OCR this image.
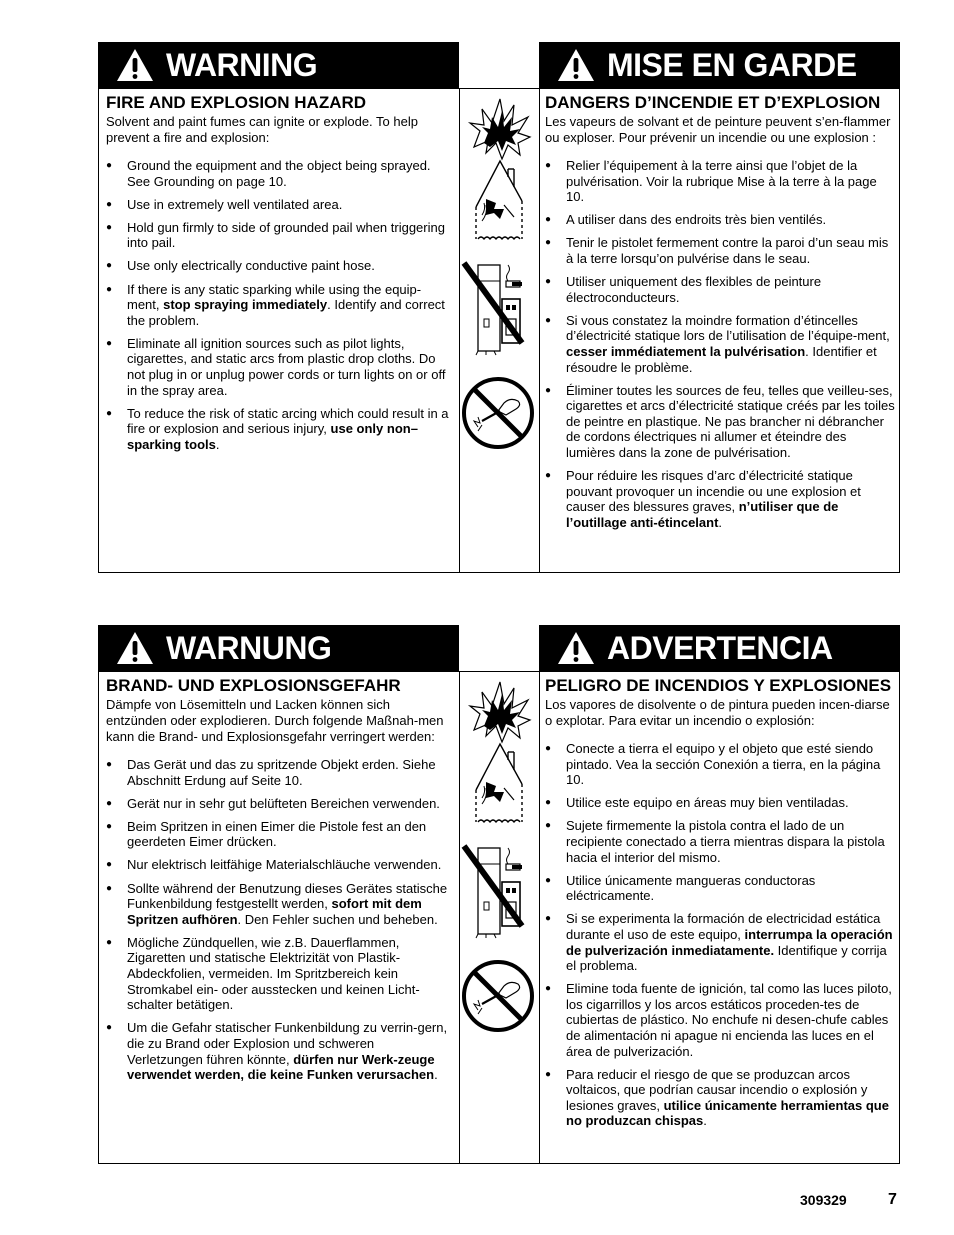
WARNING	MISE EN GARDE

FIRE AND EXPLOSION HAZARD

Solvent and paint fumes can ignite or explode. To help prevent a fire and explosion:

● Ground the equipment and the object being sprayed. See Grounding on page 10.
● Use in extremely well ventilated area.
● Hold gun firmly to side of grounded pail when triggering into pail.
● Use only electrically conductive paint hose.
● If there is any static sparking while using the equip-ment, stop spraying immediately. Identify and correct the problem.
● Eliminate all ignition sources such as pilot lights, cigarettes, and static arcs from plastic drop cloths. Do not plug in or unplug power cords or turn lights on or off in the spray area.
● To reduce the risk of static arcing which could result in a fire or explosion and serious injury, use only non–sparking tools.

DANGERS D’INCENDIE ET D’EXPLOSION

Les vapeurs de solvant et de peinture peuvent s’en-flammer ou exploser. Pour prévenir un incendie ou une explosion :

● Relier l’équipement à la terre ainsi que l’objet de la pulvérisation. Voir la rubrique Mise à la terre à la page 10.
● A utiliser dans des endroits très bien ventilés.
● Tenir le pistolet fermement contre la paroi d’un seau mis à la terre lorsqu’on pulvérise dans le seau.
● Utiliser uniquement des flexibles de peinture électroconducteurs.
● Si vous constatez la moindre formation d’étincelles d’électricité statique lors de l’utilisation de l’équipe-ment, cesser immédiatement la pulvérisation. Identifier et résoudre le problème.
● Éliminer toutes les sources de feu, telles que veilleu-ses, cigarettes et arcs d’électricité statique créés par les toiles de peintre en plastique. Ne pas brancher ni débrancher de cordons électriques ni allumer et éteindre des lumières dans la zone de pulvérisation.
● Pour réduire les risques d’arc d’électricité statique pouvant provoquer un incendie ou une explosion et causer des blessures graves, n’utiliser que de l’outillage anti-étincelant.
WARNUNG	ADVERTENCIA

BRAND- UND EXPLOSIONSGEFAHR

Dämpfe von Lösemitteln und Lacken können sich entzünden oder explodieren. Durch folgende Maßnah-men kann die Brand- und Explosionsgefahr verringert werden:

● Das Gerät und das zu spritzende Objekt erden. Siehe Abschnitt Erdung auf Seite 10.
● Gerät nur in sehr gut belüfteten Bereichen verwenden.
● Beim Spritzen in einen Eimer die Pistole fest an den geerdeten Eimer drücken.
● Nur elektrisch leitfähige Materialschläuche verwenden.
● Sollte während der Benutzung dieses Gerätes statische Funkenbildung festgestellt werden, sofort mit dem Spritzen aufhören. Den Fehler suchen und beheben.
● Mögliche Zündquellen, wie z.B. Dauerflammen, Zigaretten und statische Elektrizität von Plastik-Abdeckfolien, vermeiden. Im Spritzbereich kein Stromkabel ein- oder ausstecken und keinen Licht-schalter betätigen.
● Um die Gefahr statischer Funkenbildung zu verrin-gern, die zu Brand oder Explosion und schweren Verletzungen führen könnte, dürfen nur Werk-zeuge verwendet werden, die keine Funken verursachen.

PELIGRO DE INCENDIOS Y EXPLOSIONES

Los vapores de disolvente o de pintura pueden incen-diarse o explotar. Para evitar un incendio o explosión:

● Conecte a tierra el equipo y el objeto que esté siendo pintado. Vea la sección Conexión a tierra, en la página 10.
● Utilice este equipo en áreas muy bien ventiladas.
● Sujete firmemente la pistola contra el lado de un recipiente conectado a tierra mientras dispara la pistola hacia el interior del mismo.
● Utilice únicamente mangueras conductoras eléctricamente.
● Si se experimenta la formación de electricidad estática durante el uso de este equipo, interrumpa la operación de pulverización inmediatamente. Identifique y corrija el problema.
● Elimine toda fuente de ignición, tal como las luces piloto, los cigarrillos y los arcos estáticos proceden-tes de cubiertas de plástico. No enchufe ni desen-chufe cables de alimentación ni apague ni encienda las luces en el área de pulverización.
● Para reducir el riesgo de que se produzcan arcos voltaicos, que podrían causar incendio o explosión y lesiones graves, utilice únicamente herramientas que no produzcan chispas.
309329	7
